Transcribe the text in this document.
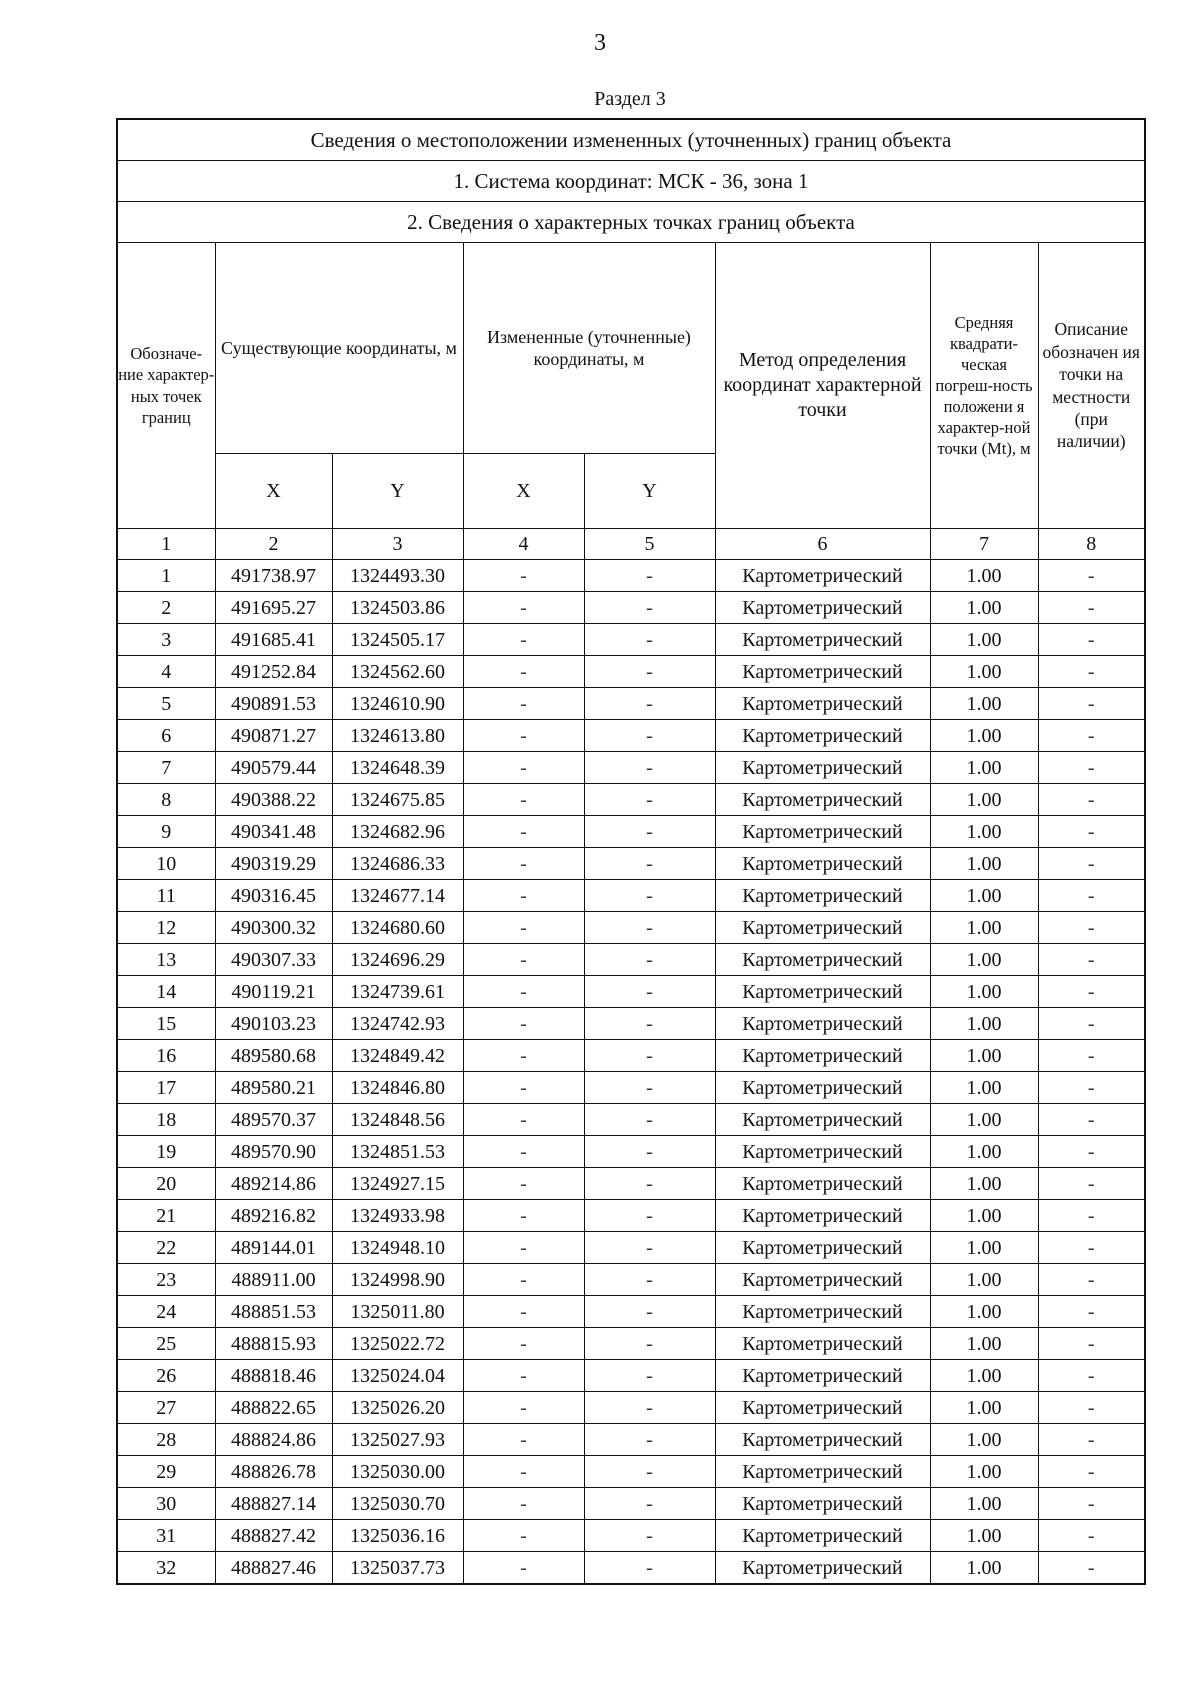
3
Раздел 3
Сведения о местоположении измененных (уточненных) границ объекта							
1. Система координат: МСК - 36, зона 1							
2. Сведения о характерных точках границ объекта							
Обозначе-ние характер-ных точек границ	Существующие координаты, м		Измененные (уточненные) координаты, м		Метод определения координат характерной точки	Средняя квадрати-ческая погреш-ность положени я характер-ной точки (Mt), м	Описание обозначен ия точки на местности (при наличии)
	X	Y	X	Y			
1	2	3	4	5	6	7	8
1	491738.97	1324493.30	-	-	Картометрический	1.00	-
2	491695.27	1324503.86	-	-	Картометрический	1.00	-
3	491685.41	1324505.17	-	-	Картометрический	1.00	-
4	491252.84	1324562.60	-	-	Картометрический	1.00	-
5	490891.53	1324610.90	-	-	Картометрический	1.00	-
6	490871.27	1324613.80	-	-	Картометрический	1.00	-
7	490579.44	1324648.39	-	-	Картометрический	1.00	-
8	490388.22	1324675.85	-	-	Картометрический	1.00	-
9	490341.48	1324682.96	-	-	Картометрический	1.00	-
10	490319.29	1324686.33	-	-	Картометрический	1.00	-
11	490316.45	1324677.14	-	-	Картометрический	1.00	-
12	490300.32	1324680.60	-	-	Картометрический	1.00	-
13	490307.33	1324696.29	-	-	Картометрический	1.00	-
14	490119.21	1324739.61	-	-	Картометрический	1.00	-
15	490103.23	1324742.93	-	-	Картометрический	1.00	-
16	489580.68	1324849.42	-	-	Картометрический	1.00	-
17	489580.21	1324846.80	-	-	Картометрический	1.00	-
18	489570.37	1324848.56	-	-	Картометрический	1.00	-
19	489570.90	1324851.53	-	-	Картометрический	1.00	-
20	489214.86	1324927.15	-	-	Картометрический	1.00	-
21	489216.82	1324933.98	-	-	Картометрический	1.00	-
22	489144.01	1324948.10	-	-	Картометрический	1.00	-
23	488911.00	1324998.90	-	-	Картометрический	1.00	-
24	488851.53	1325011.80	-	-	Картометрический	1.00	-
25	488815.93	1325022.72	-	-	Картометрический	1.00	-
26	488818.46	1325024.04	-	-	Картометрический	1.00	-
27	488822.65	1325026.20	-	-	Картометрический	1.00	-
28	488824.86	1325027.93	-	-	Картометрический	1.00	-
29	488826.78	1325030.00	-	-	Картометрический	1.00	-
30	488827.14	1325030.70	-	-	Картометрический	1.00	-
31	488827.42	1325036.16	-	-	Картометрический	1.00	-
32	488827.46	1325037.73	-	-	Картометрический	1.00	-
